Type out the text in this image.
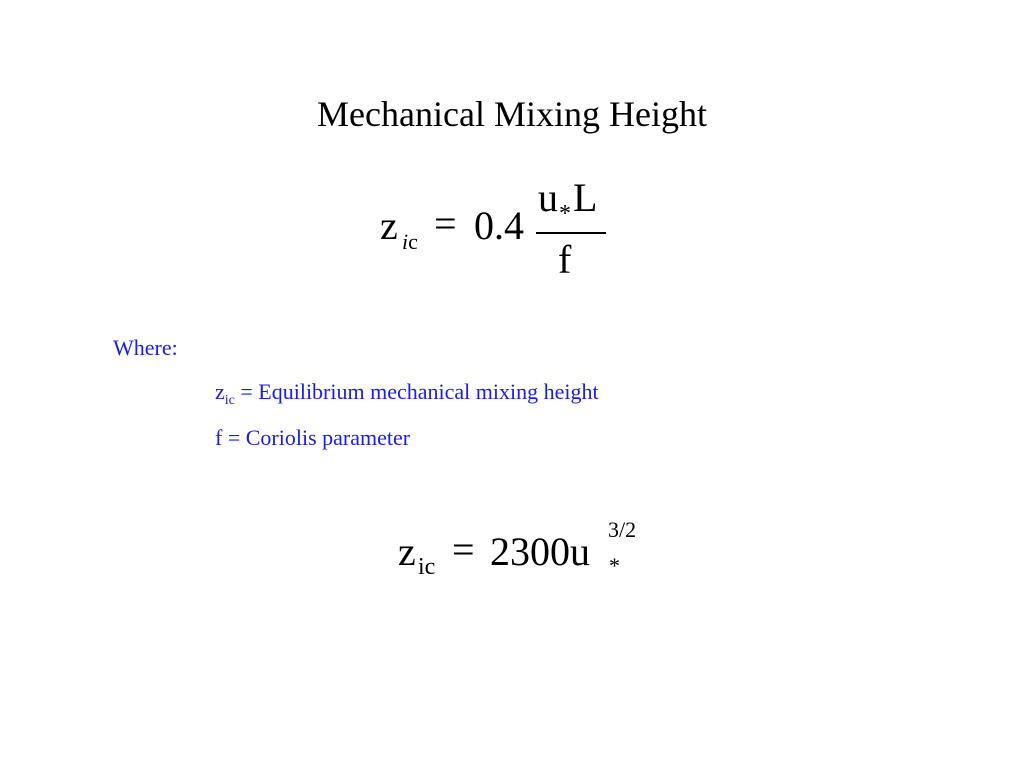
Mechanical Mixing Height
z ic = 0.4
$u_*L$
f
Where:
$z_{ic}$ = Equilibrium mechanical mixing height
f = Coriolis parameter
z ic = 2300u 3/2
*
